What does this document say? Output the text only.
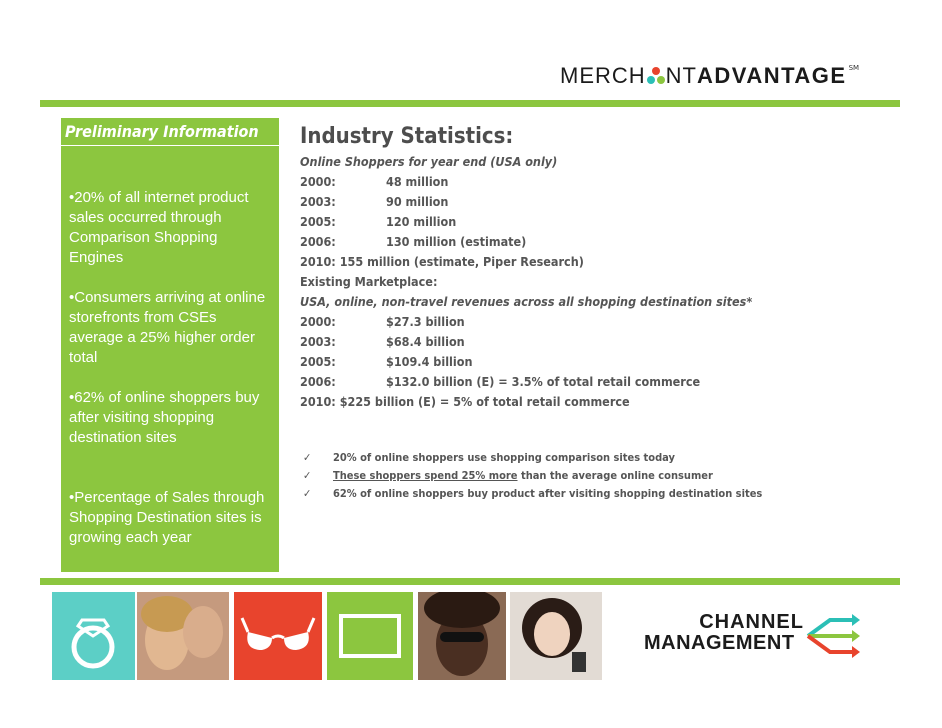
MERCH NT ADVANTAGE SM
Preliminary Information
•20% of all internet product sales occurred through Comparison Shopping Engines
•Consumers arriving at online storefronts from CSEs average a 25% higher order total
•62% of online shoppers buy after visiting shopping destination sites
•Percentage of Sales through Shopping Destination sites is growing each year
Industry Statistics:
Online Shoppers for year end (USA only)
2000:	48 million
2003:	90 million
2005:	120 million
2006:	130 million (estimate)
2010: 155 million (estimate, Piper Research)
Existing Marketplace:
USA, online, non-travel revenues across all shopping destination sites*
2000:	$27.3 billion
2003:	$68.4 billion
2005:	$109.4 billion
2006:	$132.0 billion (E) = 3.5% of total retail commerce
2010: $225 billion (E) = 5% of total retail commerce
✓ 20% of online shoppers use shopping comparison sites today
✓ These shoppers spend 25% more than the average online consumer
✓ 62% of online shoppers buy product after visiting shopping destination sites
CHANNEL
MANAGEMENT
